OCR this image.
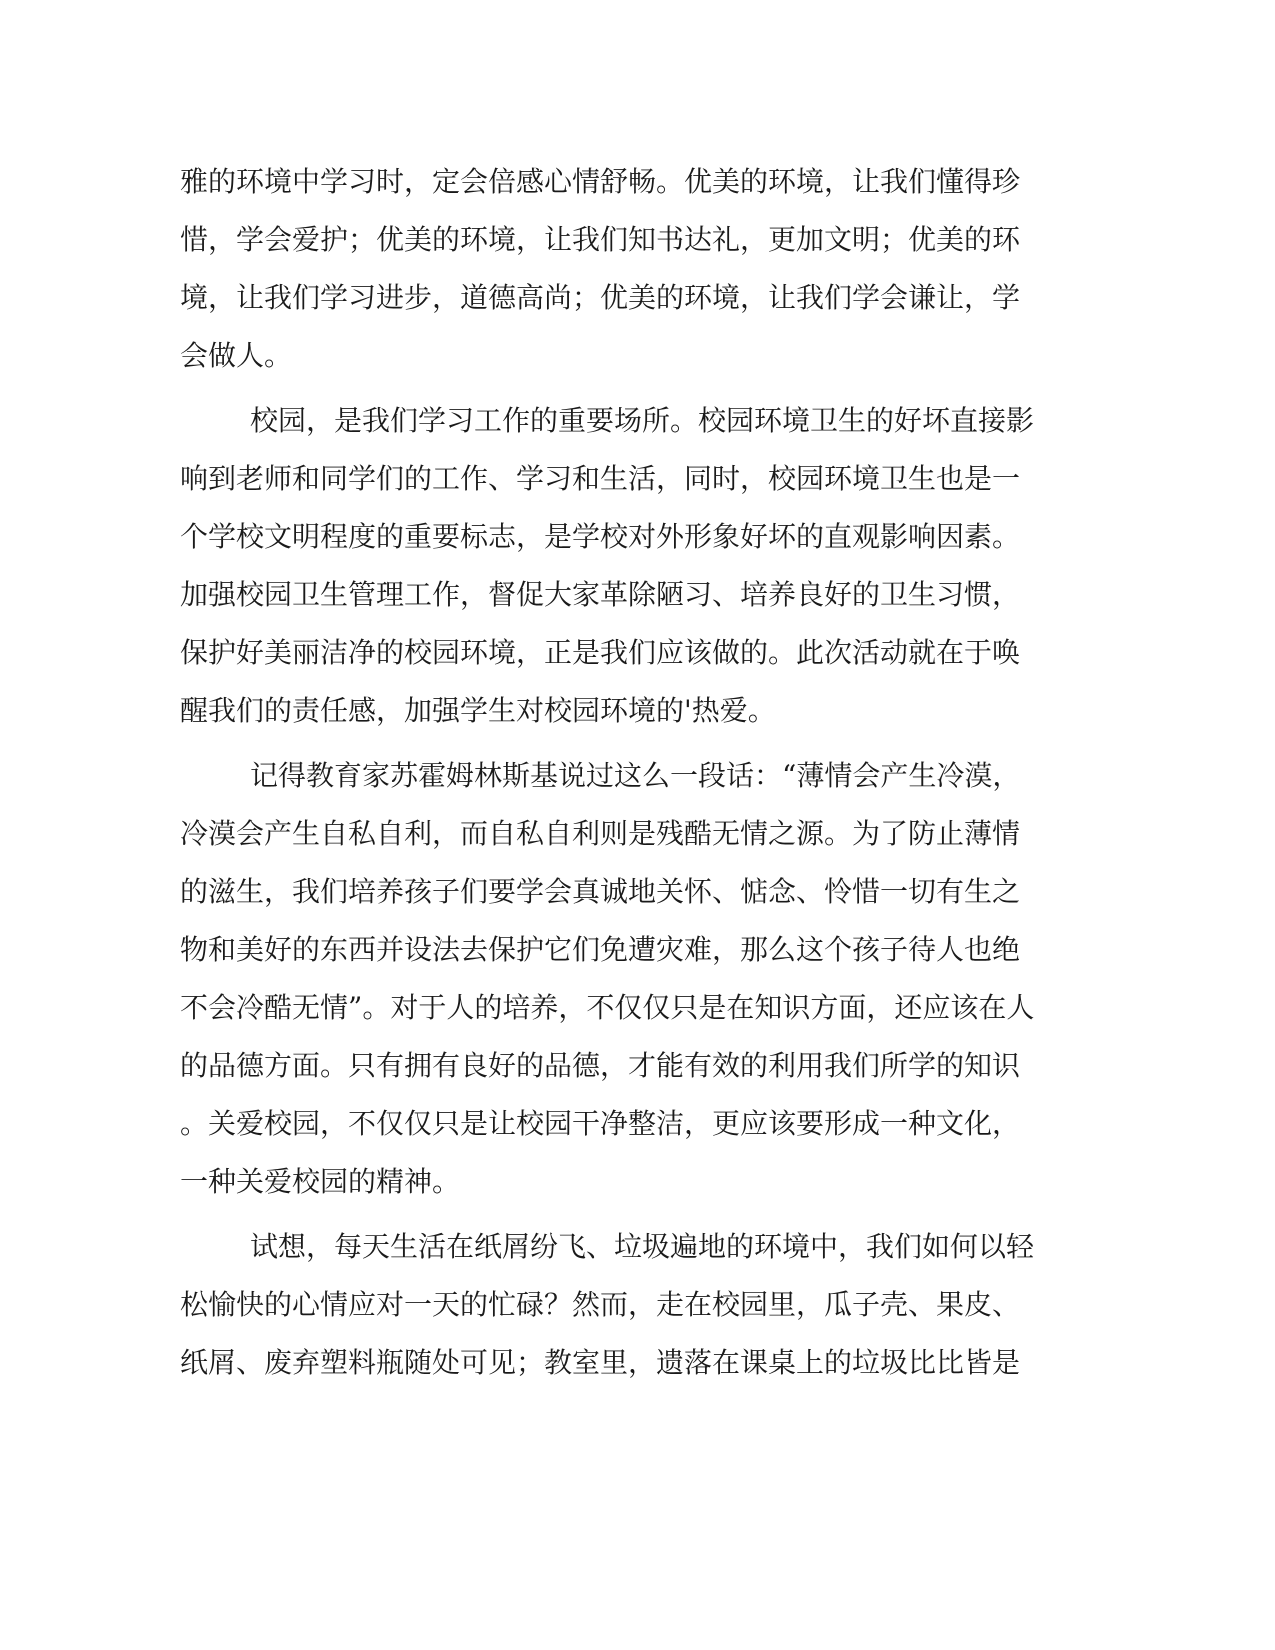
雅的环境中学习时，定会倍感心情舒畅。优美的环境，让我们懂得珍
惜，学会爱护；优美的环境，让我们知书达礼，更加文明；优美的环
境，让我们学习进步，道德高尚；优美的环境，让我们学会谦让，学
会做人。
校园，是我们学习工作的重要场所。校园环境卫生的好坏直接影
响到老师和同学们的工作、学习和生活，同时，校园环境卫生也是一
个学校文明程度的重要标志，是学校对外形象好坏的直观影响因素。
加强校园卫生管理工作，督促大家革除陋习、培养良好的卫生习惯，
保护好美丽洁净的校园环境，正是我们应该做的。此次活动就在于唤
醒我们的责任感，加强学生对校园环境的'热爱。
记得教育家苏霍姆林斯基说过这么一段话：“薄情会产生冷漠，
冷漠会产生自私自利，而自私自利则是残酷无情之源。为了防止薄情
的滋生，我们培养孩子们要学会真诚地关怀、惦念、怜惜一切有生之
物和美好的东西并设法去保护它们免遭灾难，那么这个孩子待人也绝
不会冷酷无情”。对于人的培养，不仅仅只是在知识方面，还应该在人
的品德方面。只有拥有良好的品德，才能有效的利用我们所学的知识
。关爱校园，不仅仅只是让校园干净整洁，更应该要形成一种文化，
一种关爱校园的精神。
试想，每天生活在纸屑纷飞、垃圾遍地的环境中，我们如何以轻
松愉快的心情应对一天的忙碌？然而，走在校园里，瓜子壳、果皮、
纸屑、废弃塑料瓶随处可见；教室里，遗落在课桌上的垃圾比比皆是
